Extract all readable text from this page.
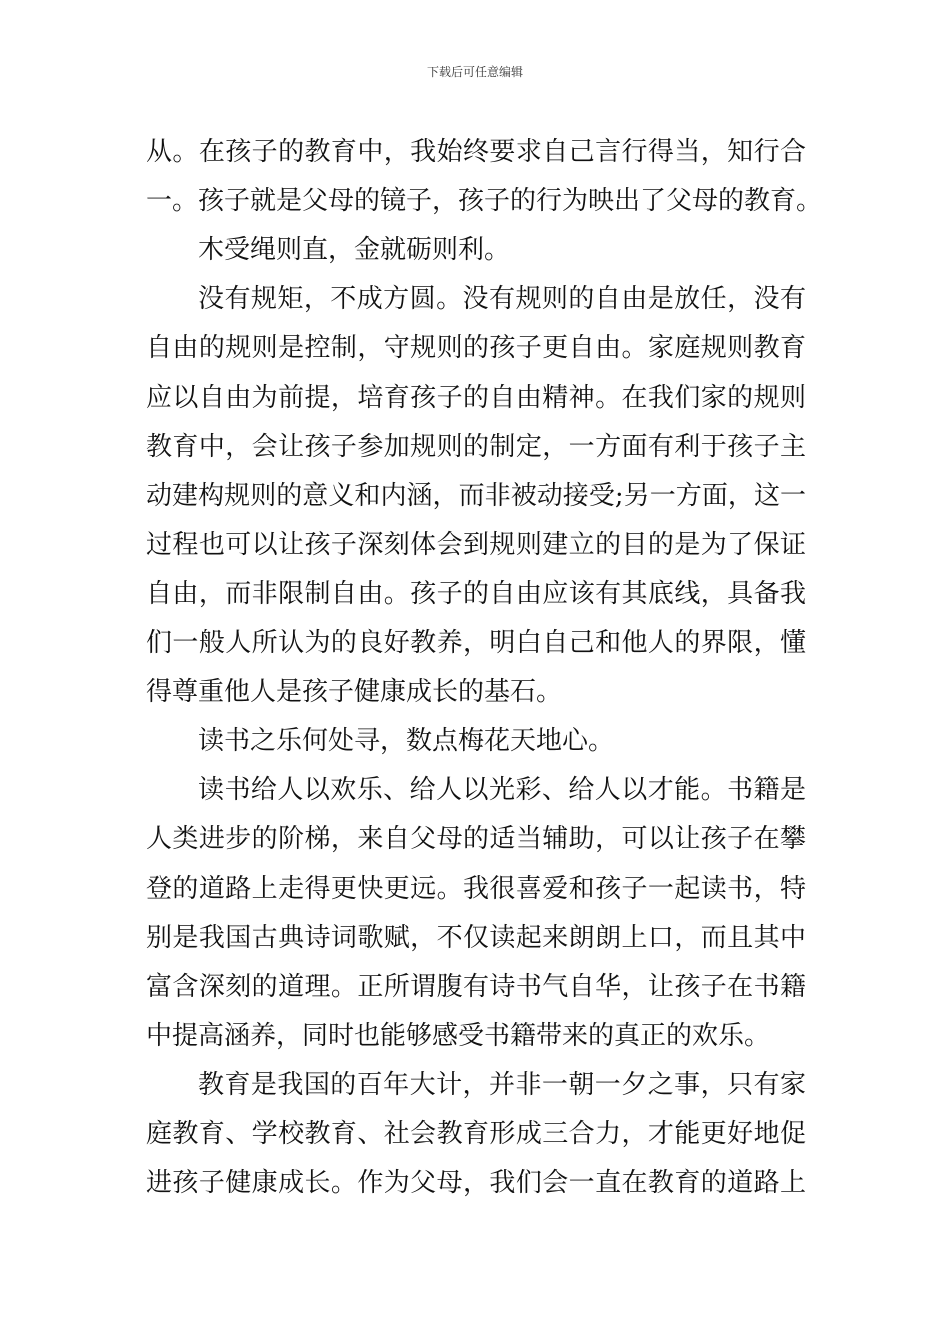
下载后可任意编辑
从。在孩子的教育中，我始终要求自己言行得当，知行合
一。孩子就是父母的镜子，孩子的行为映出了父母的教育。
木受绳则直，金就砺则利。
没有规矩，不成方圆。没有规则的自由是放任，没有
自由的规则是控制，守规则的孩子更自由。家庭规则教育
应以自由为前提，培育孩子的自由精神。在我们家的规则
教育中，会让孩子参加规则的制定，一方面有利于孩子主
动建构规则的意义和内涵，而非被动接受;另一方面，这一
过程也可以让孩子深刻体会到规则建立的目的是为了保证
自由，而非限制自由。孩子的自由应该有其底线，具备我
们一般人所认为的良好教养，明白自己和他人的界限，懂
得尊重他人是孩子健康成长的基石。
读书之乐何处寻，数点梅花天地心。
读书给人以欢乐、给人以光彩、给人以才能。书籍是
人类进步的阶梯，来自父母的适当辅助，可以让孩子在攀
登的道路上走得更快更远。我很喜爱和孩子一起读书，特
别是我国古典诗词歌赋，不仅读起来朗朗上口，而且其中
富含深刻的道理。正所谓腹有诗书气自华，让孩子在书籍
中提高涵养，同时也能够感受书籍带来的真正的欢乐。
教育是我国的百年大计，并非一朝一夕之事，只有家
庭教育、学校教育、社会教育形成三合力，才能更好地促
进孩子健康成长。作为父母，我们会一直在教育的道路上
